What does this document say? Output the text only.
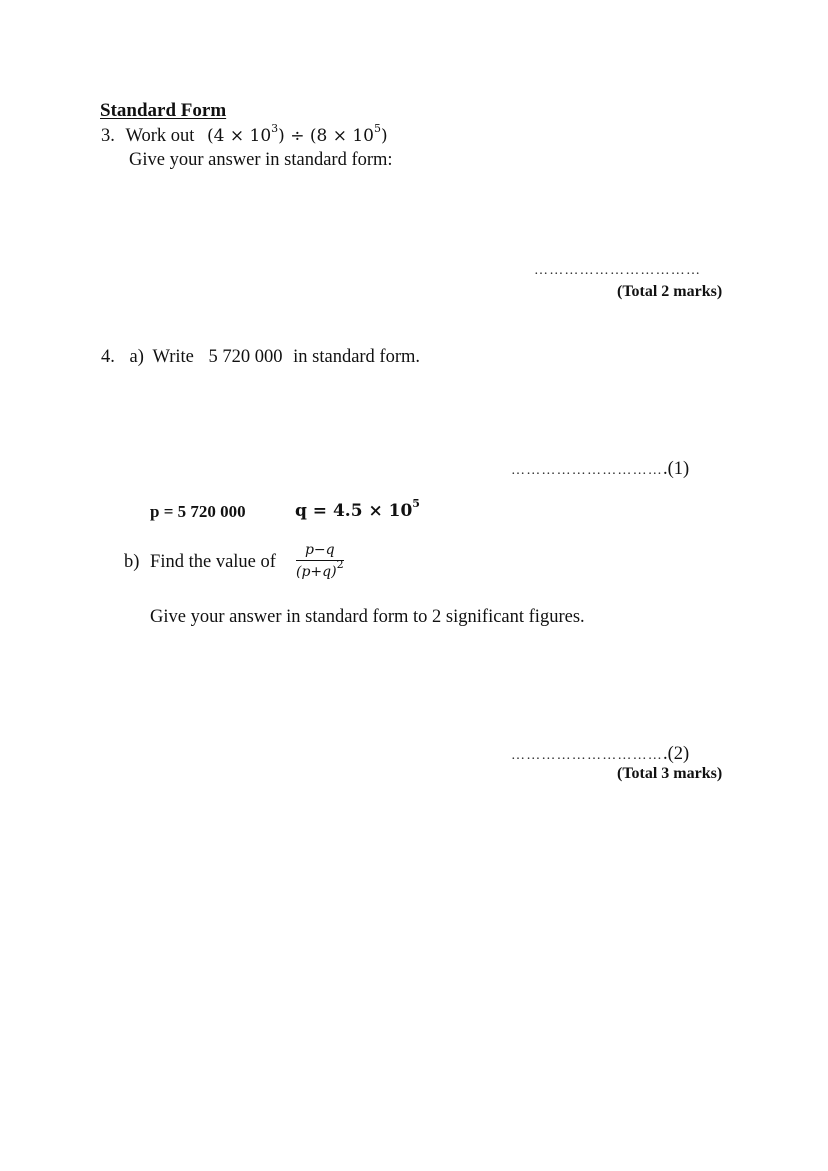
Standard Form
3. Work out $(4 \times 10^3) \div (8 \times 10^5)$
Give your answer in standard form:
……………………………
(Total 2 marks)
4. a) Write 5 720 000 in standard form.
………………………….(1)
p = 5 720 000	$q = 4.5 \times 10^5$
b) Find the value of
p−q
$(p+q)^2$
Give your answer in standard form to 2 significant figures.
………………………….(2)
(Total 3 marks)
